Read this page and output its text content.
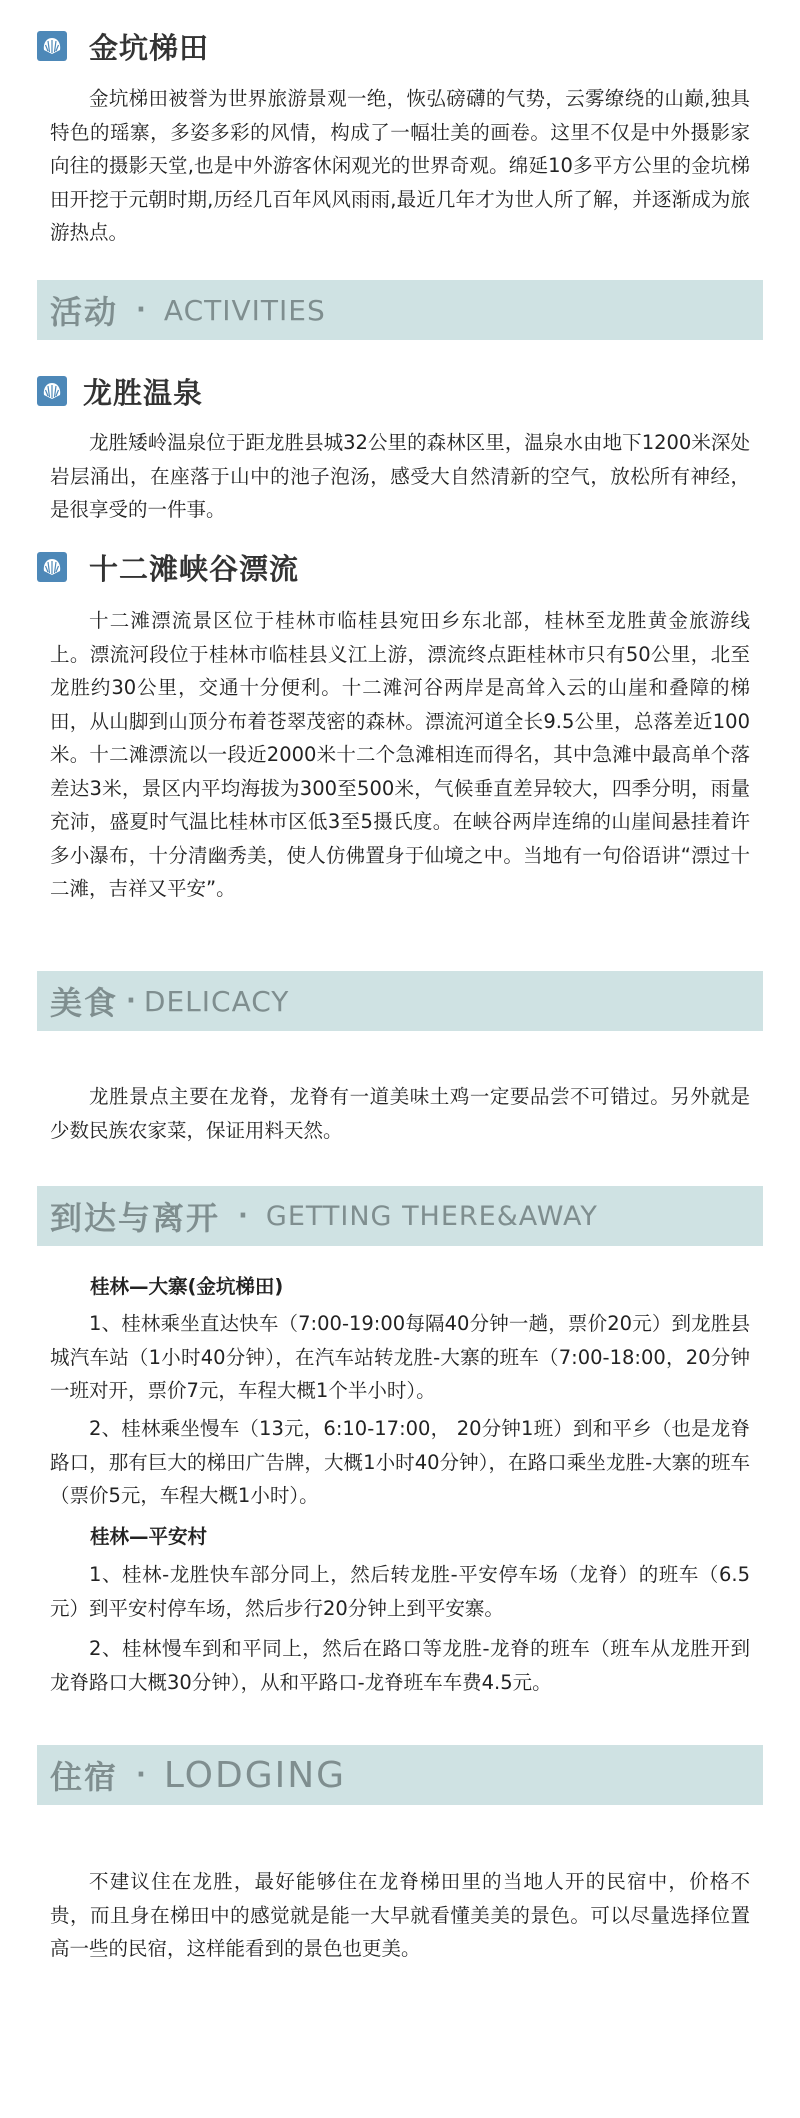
金坑梯田

金坑梯田被誉为世界旅游景观一绝，恢弘磅礴的气势，云雾缭绕的山巅,独具特色的瑶寨，多姿多彩的风情，构成了一幅壮美的画卷。这里不仅是中外摄影家向往的摄影天堂,也是中外游客休闲观光的世界奇观。绵延10多平方公里的金坑梯田开挖于元朝时期,历经几百年风风雨雨,最近几年才为世人所了解，并逐渐成为旅游热点。

活动 · ACTIVITIES
龙胜温泉

龙胜矮岭温泉位于距龙胜县城32公里的森林区里，温泉水由地下1200米深处岩层涌出，在座落于山中的池子泡汤，感受大自然清新的空气，放松所有神经，是很享受的一件事。

十二滩峡谷漂流

十二滩漂流景区位于桂林市临桂县宛田乡东北部，桂林至龙胜黄金旅游线上。漂流河段位于桂林市临桂县义江上游，漂流终点距桂林市只有50公里，北至龙胜约30公里，交通十分便利。十二滩河谷两岸是高耸入云的山崖和叠障的梯田，从山脚到山顶分布着苍翠茂密的森林。漂流河道全长9.5公里，总落差近100米。十二滩漂流以一段近2000米十二个急滩相连而得名，其中急滩中最高单个落差达3米，景区内平均海拔为300至500米，气候垂直差异较大，四季分明，雨量充沛，盛夏时气温比桂林市区低3至5摄氏度。在峡谷两岸连绵的山崖间悬挂着许多小瀑布，十分清幽秀美，使人仿佛置身于仙境之中。当地有一句俗语讲“漂过十二滩，吉祥又平安”。

美食 · DELICACY

龙胜景点主要在龙脊，龙脊有一道美味土鸡一定要品尝不可错过。另外就是少数民族农家菜，保证用料天然。

到达与离开 · GETTING THERE&AWAY

桂林—大寨(金坑梯田)

1、桂林乘坐直达快车（7:00-19:00每隔40分钟一趟，票价20元）到龙胜县城汽车站（1小时40分钟），在汽车站转龙胜-大寨的班车（7:00-18:00，20分钟一班对开，票价7元，车程大概1个半小时）。

2、桂林乘坐慢车（13元，6:10-17:00， 20分钟1班）到和平乡（也是龙脊路口，那有巨大的梯田广告牌，大概1小时40分钟），在路口乘坐龙胜-大寨的班车（票价5元，车程大概1小时）。

桂林—平安村

1、桂林-龙胜快车部分同上，然后转龙胜-平安停车场（龙脊）的班车（6.5元）到平安村停车场，然后步行20分钟上到平安寨。

2、桂林慢车到和平同上，然后在路口等龙胜-龙脊的班车（班车从龙胜开到龙脊路口大概30分钟），从和平路口-龙脊班车车费4.5元。

住宿 · LODGING

不建议住在龙胜，最好能够住在龙脊梯田里的当地人开的民宿中，价格不贵，而且身在梯田中的感觉就是能一大早就看懂美美的景色。可以尽量选择位置高一些的民宿，这样能看到的景色也更美。
